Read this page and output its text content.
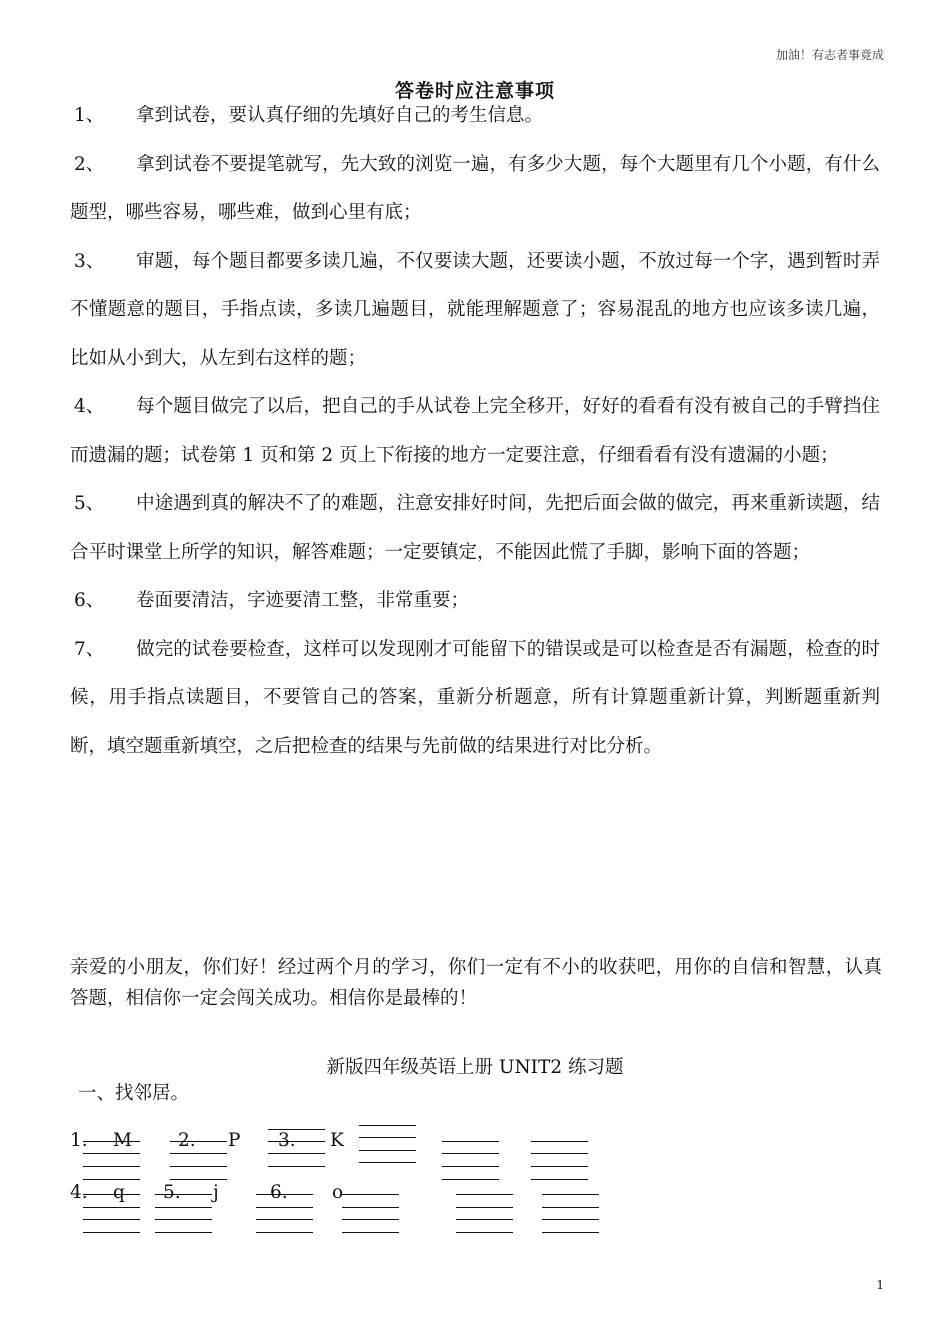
加油！有志者事竟成
答卷时应注意事项

1、 拿到试卷，要认真仔细的先填好自己的考生信息。

2、 拿到试卷不要提笔就写，先大致的浏览一遍，有多少大题，每个大题里有几个小题，有什么题型，哪些容易，哪些难，做到心里有底；

3、 审题，每个题目都要多读几遍，不仅要读大题，还要读小题，不放过每一个字，遇到暂时弄不懂题意的题目，手指点读，多读几遍题目，就能理解题意了；容易混乱的地方也应该多读几遍，比如从小到大，从左到右这样的题；

4、 每个题目做完了以后，把自己的手从试卷上完全移开，好好的看看有没有被自己的手臂挡住而遗漏的题；试卷第 1 页和第 2 页上下衔接的地方一定要注意，仔细看看有没有遗漏的小题；

5、 中途遇到真的解决不了的难题，注意安排好时间，先把后面会做的做完，再来重新读题，结合平时课堂上所学的知识，解答难题；一定要镇定，不能因此慌了手脚，影响下面的答题；

6、 卷面要清洁，字迹要清工整，非常重要；

7、 做完的试卷要检查，这样可以发现刚才可能留下的错误或是可以检查是否有漏题，检查的时候，用手指点读题目，不要管自己的答案，重新分析题意，所有计算题重新计算，判断题重新判断，填空题重新填空，之后把检查的结果与先前做的结果进行对比分析。

亲爱的小朋友，你们好！经过两个月的学习，你们一定有不小的收获吧，用你的自信和智慧，认真答题，相信你一定会闯关成功。相信你是最棒的！
新版四年级英语上册 UNIT2 练习题
一、找邻居。
1. M 2. P 3. K
4. q 5. j	6. o
1
